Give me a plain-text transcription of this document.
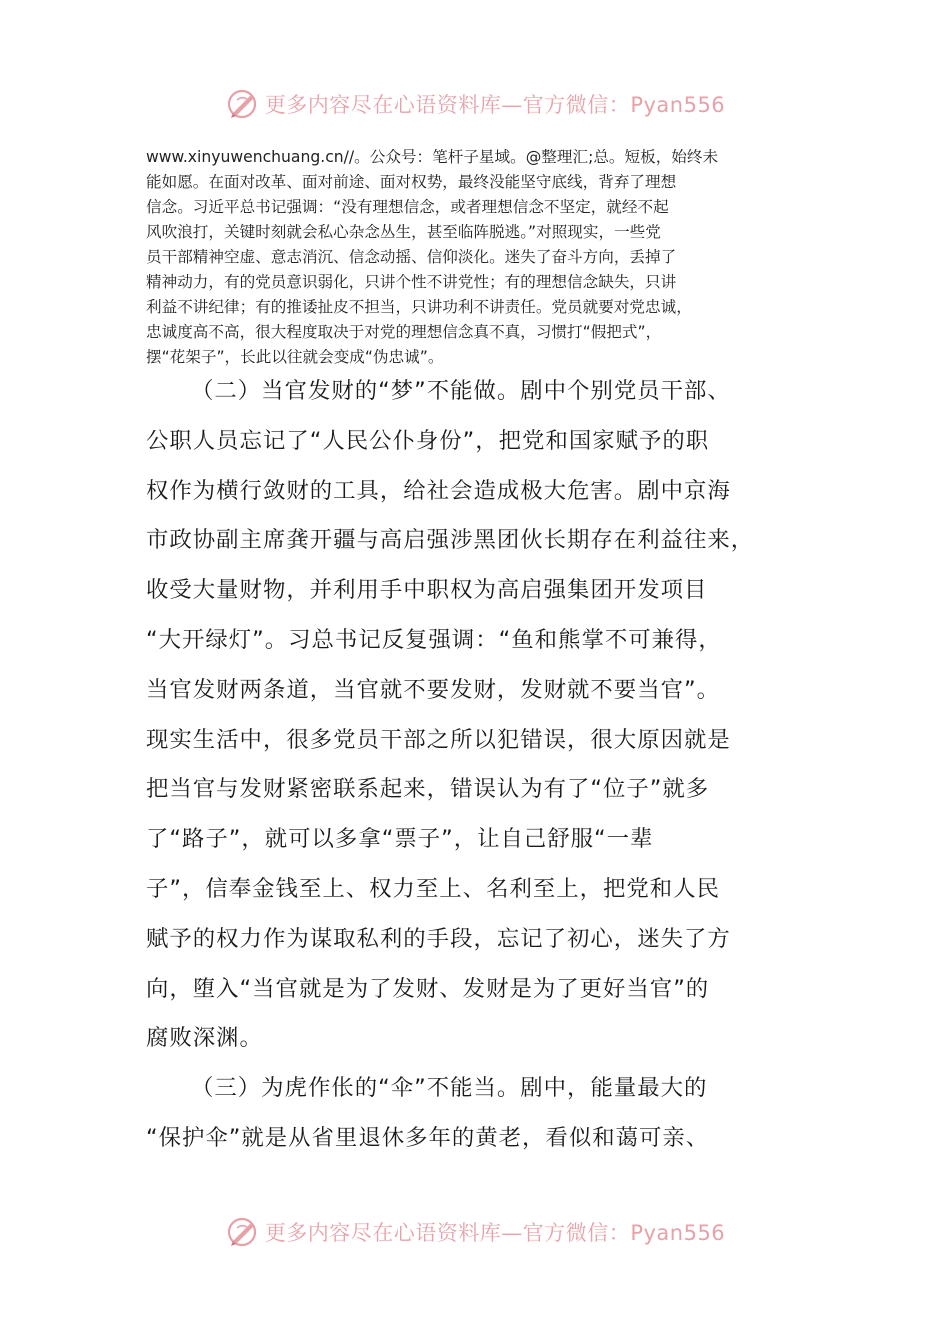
更多内容尽在心语资料库—官方微信：Pyan556
www.xinyuwenchuang.cn//。公众号：笔杆子星域。@整理汇;总。短板，始终未
能如愿。在面对改革、面对前途、面对权势，最终没能坚守底线，背弃了理想
信念。习近平总书记强调：“没有理想信念，或者理想信念不坚定，就经不起
风吹浪打，关键时刻就会私心杂念丛生，甚至临阵脱逃。”对照现实，一些党
员干部精神空虚、意志消沉、信念动摇、信仰淡化。迷失了奋斗方向，丢掉了
精神动力，有的党员意识弱化，只讲个性不讲党性；有的理想信念缺失，只讲
利益不讲纪律；有的推诿扯皮不担当，只讲功利不讲责任。党员就要对党忠诚，
忠诚度高不高，很大程度取决于对党的理想信念真不真，习惯打“假把式”，
摆“花架子”，长此以往就会变成“伪忠诚”。
（二）当官发财的“梦”不能做。剧中个别党员干部、
公职人员忘记了“人民公仆身份”，把党和国家赋予的职
权作为横行敛财的工具，给社会造成极大危害。剧中京海
市政协副主席龚开疆与高启强涉黑团伙长期存在利益往来，
收受大量财物，并利用手中职权为高启强集团开发项目
“大开绿灯”。习总书记反复强调：“鱼和熊掌不可兼得，
当官发财两条道，当官就不要发财，发财就不要当官”。
现实生活中，很多党员干部之所以犯错误，很大原因就是
把当官与发财紧密联系起来，错误认为有了“位子”就多
了“路子”，就可以多拿“票子”，让自己舒服“一辈
子”，信奉金钱至上、权力至上、名利至上，把党和人民
赋予的权力作为谋取私利的手段，忘记了初心，迷失了方
向，堕入“当官就是为了发财、发财是为了更好当官”的
腐败深渊。
（三）为虎作伥的“伞”不能当。剧中，能量最大的
“保护伞”就是从省里退休多年的黄老，看似和蔼可亲、
更多内容尽在心语资料库—官方微信：Pyan556
